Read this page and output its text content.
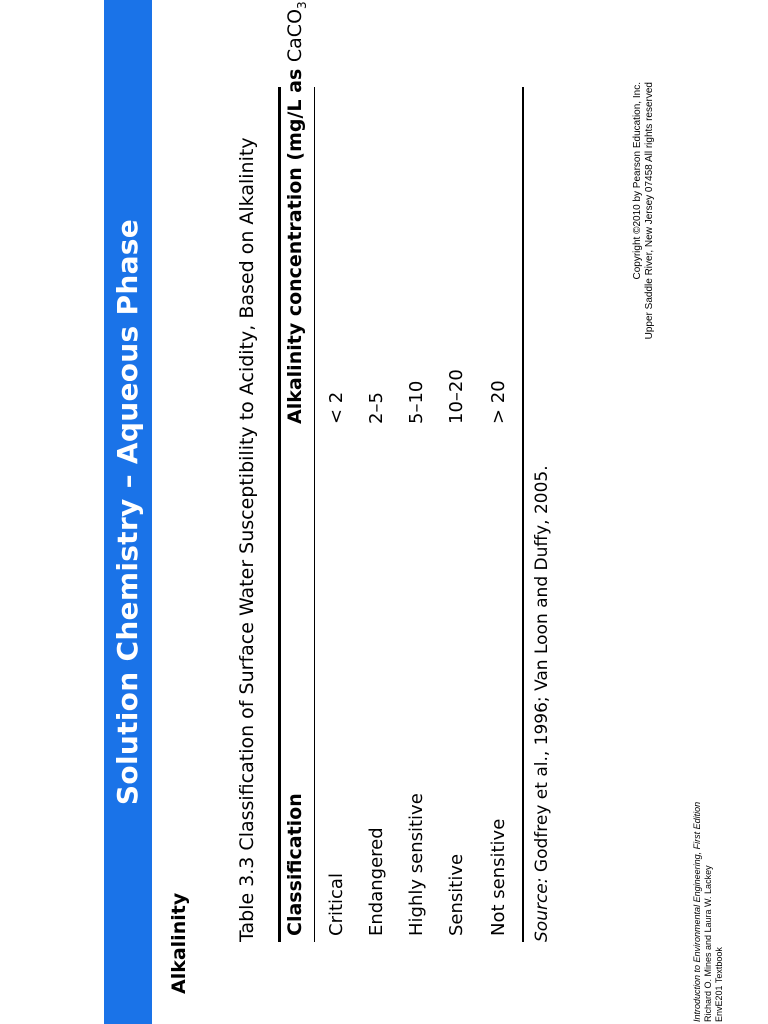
Solution Chemistry – Aqueous Phase
Alkalinity
Table 3.3 Classification of Surface Water Susceptibility to Acidity, Based on Alkalinity Classification
Alkalinity concentration (mg/L as CaCO$_3$
Critical
< 2
Endangered
2–5
Highly sensitive
5–10
Sensitive
10–20
Not sensitive
> 20
Source: Godfrey et al., 1996; Van Loon and Duffy, 2005.
Introduction to Environmental Engineering, First Edition Richard O. Mines and Laura W. Lackey EnvE201 Textbook
Copyright ©2010 by Pearson Education, Inc. Upper Saddle River, New Jersey 07458 All rights reserved
